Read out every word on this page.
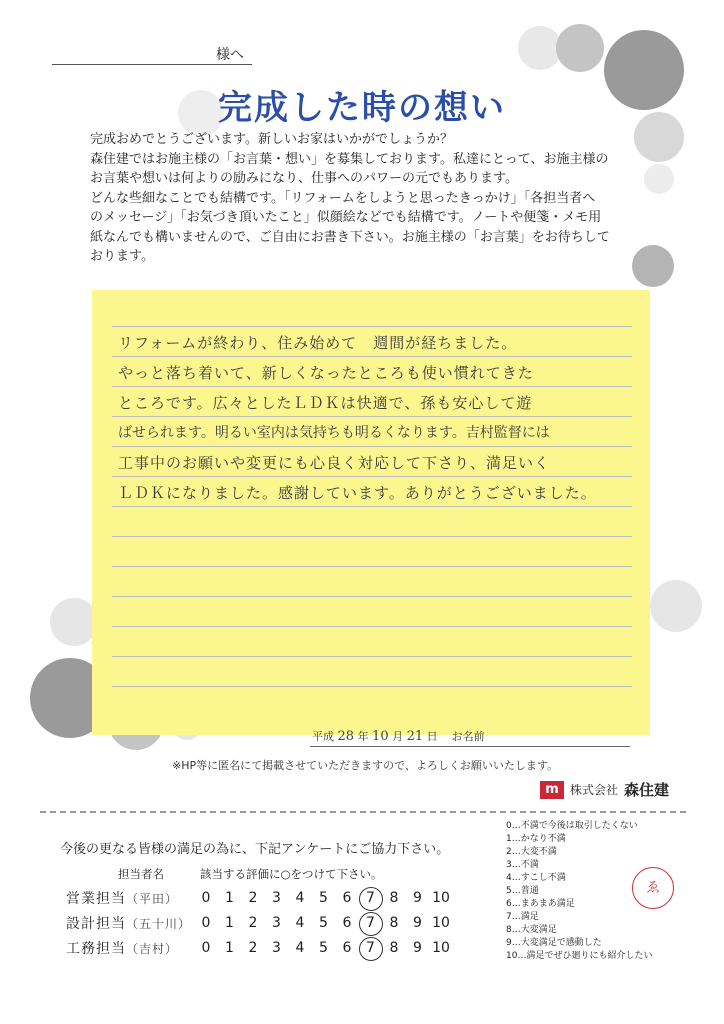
様へ
完成した時の想い

完成おめでとうございます。新しいお家はいかがでしょうか？

森住建ではお施主様の「お言葉・想い」を募集しております。私達にとって、お施主様の

お言葉や想いは何よりの励みになり、仕事へのパワーの元でもあります。

どんな些細なことでも結構です。「リフォームをしようと思ったきっかけ」「各担当者へ

のメッセージ」「お気づき頂いたこと」似顔絵などでも結構です。ノートや便箋・メモ用

紙なんでも構いませんので、ご自由にお書き下さい。お施主様の「お言葉」をお待ちして

おります。

リフォームが終わり、住み始めて　週間が経ちました。
やっと落ち着いて、新しくなったところも使い慣れてきた
ところです。広々としたＬＤＫは快適で、孫も安心して遊
ばせられます。明るい室内は気持ちも明るくなります。吉村監督には
工事中のお願いや変更にも心良く対応して下さり、満足いく
ＬＤＫになりました。感謝しています。ありがとうございました。
平成 28 年 10 月 21 日 お名前
※HP等に匿名にて掲載させていただきますので、よろしくお願いいたします。
m 株式会社 森住建
今後の更なる皆様の満足の為に、下記アンケートにご協力下さい。
担当者名	該当する評価に○をつけて下さい。
営業担当（平田）
設計担当（五十川）
工務担当（吉村）
0 1 2 3 4 5 6 7 8 9 10
0 1 2 3 4 5 6 7 8 9 10
0 1 2 3 4 5 6 7 8 9 10
0…不満で今後は取引したくない
1…かなり不満
2…大変不満
3…不満
4…すこし不満
5…普通
6…まあまあ満足
7…満足
8…大変満足
9…大変満足で感動した
10…満足でぜひ廻りにも紹介したい
ゑ
